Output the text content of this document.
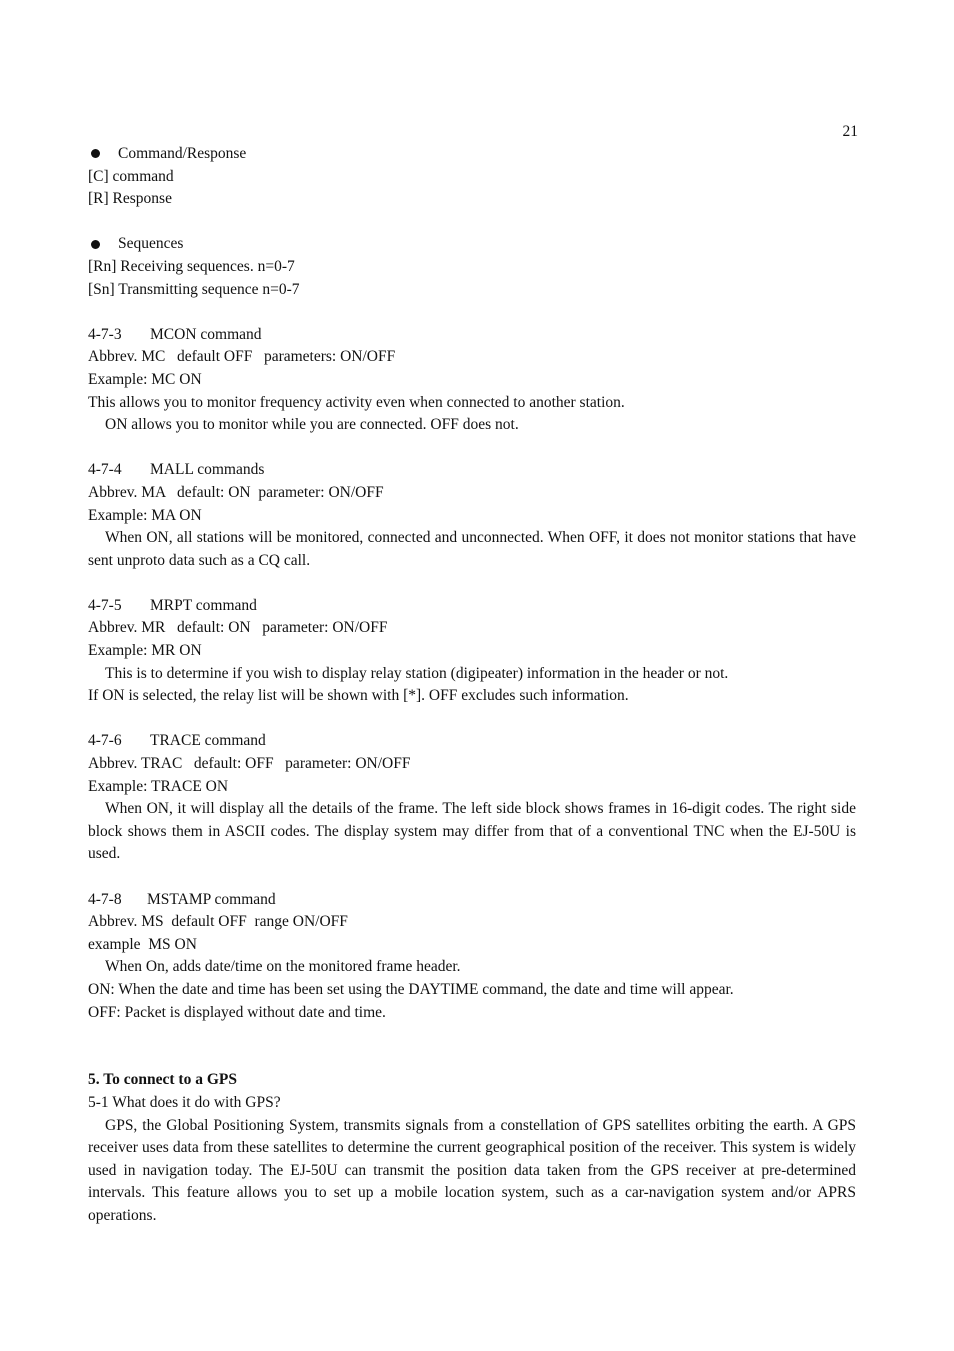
21
Command/Response
[C] command
[R] Response
Sequences
[Rn] Receiving sequences. n=0-7
[Sn] Transmitting sequence n=0-7
4-7-3 MCON command
Abbrev. MC   default OFF   parameters: ON/OFF
Example: MC ON
This allows you to monitor frequency activity even when connected to another station.
ON allows you to monitor while you are connected. OFF does not.
4-7-4 MALL commands
Abbrev. MA   default: ON  parameter: ON/OFF
Example: MA ON

When ON, all stations will be monitored, connected and unconnected. When OFF, it does not monitor stations that have sent unproto data such as a CQ call.

4-7-5 MRPT command
Abbrev. MR   default: ON   parameter: ON/OFF
Example: MR ON
This is to determine if you wish to display relay station (digipeater) information in the header or not.
If ON is selected, the relay list will be shown with [*]. OFF excludes such information.
4-7-6 TRACE command
Abbrev. TRAC   default: OFF   parameter: ON/OFF
Example: TRACE ON

When ON, it will display all the details of the frame. The left side block shows frames in 16-digit codes. The right side block shows them in ASCII codes. The display system may differ from that of a conventional TNC when the EJ-50U is used.

4-7-8 MSTAMP command
Abbrev. MS  default OFF  range ON/OFF
example  MS ON
When On, adds date/time on the monitored frame header.
ON: When the date and time has been set using the DAYTIME command, the date and time will appear.
OFF: Packet is displayed without date and time.
5. To connect to a GPS
5-1 What does it do with GPS?

GPS, the Global Positioning System, transmits signals from a constellation of GPS satellites orbiting the earth. A GPS receiver uses data from these satellites to determine the current geographical position of the receiver. This system is widely used in navigation today. The EJ-50U can transmit the position data taken from the GPS receiver at pre-determined intervals. This feature allows you to set up a mobile location system, such as a car-navigation system and/or APRS operations.
